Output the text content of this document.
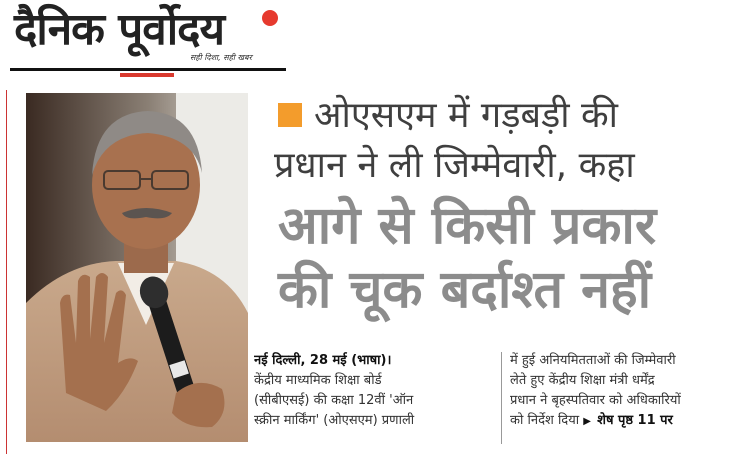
दैनिक पूर्वोदय
सही दिशा, सही खबर
ओएसएम में गड़बड़ी की
प्रधान ने ली जिम्मेवारी, कहा
आगे से किसी प्रकार
की चूक बर्दाश्त नहीं
नई दिल्ली, 28 मई (भाषा)।
केंद्रीय माध्यमिक शिक्षा बोर्ड
(सीबीएसई) की कक्षा 12वीं 'ऑन
स्क्रीन मार्किंग' (ओएसएम) प्रणाली
में हुई अनियमितताओं की जिम्मेवारी
लेते हुए केंद्रीय शिक्षा मंत्री धर्मेंद्र
प्रधान ने बृहस्पतिवार को अधिकारियों
को निर्देश दिया ▶ शेष पृष्ठ 11 पर
